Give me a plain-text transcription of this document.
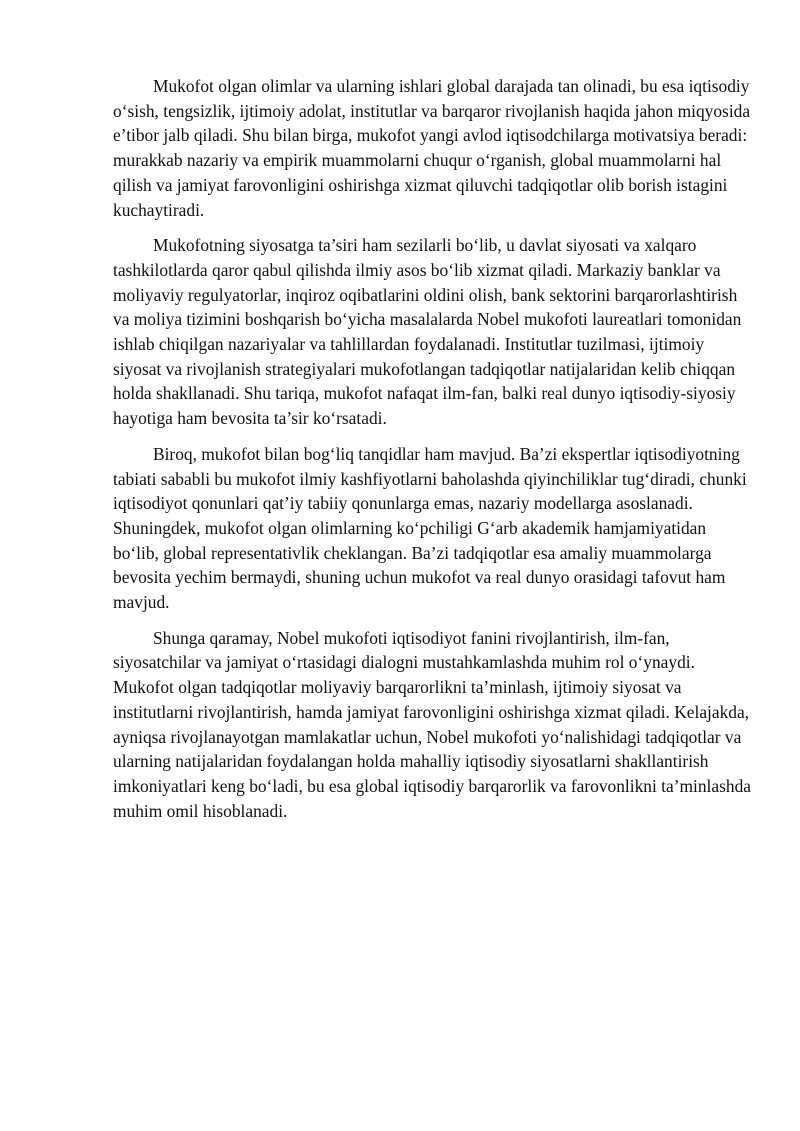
Mukofot olgan olimlar va ularning ishlari global darajada tan olinadi, bu esa iqtisodiy o‘sish, tengsizlik, ijtimoiy adolat, institutlar va barqaror rivojlanish haqida jahon miqyosida e’tibor jalb qiladi. Shu bilan birga, mukofot yangi avlod iqtisodchilarga motivatsiya beradi: murakkab nazariy va empirik muammolarni chuqur o‘rganish, global muammolarni hal qilish va jamiyat farovonligini oshirishga xizmat qiluvchi tadqiqotlar olib borish istagini kuchaytiradi.

Mukofotning siyosatga ta’siri ham sezilarli bo‘lib, u davlat siyosati va xalqaro tashkilotlarda qaror qabul qilishda ilmiy asos bo‘lib xizmat qiladi. Markaziy banklar va moliyaviy regulyatorlar, inqiroz oqibatlarini oldini olish, bank sektorini barqarorlashtirish va moliya tizimini boshqarish bo‘yicha masalalarda Nobel mukofoti laureatlari tomonidan ishlab chiqilgan nazariyalar va tahlillardan foydalanadi. Institutlar tuzilmasi, ijtimoiy siyosat va rivojlanish strategiyalari mukofotlangan tadqiqotlar natijalaridan kelib chiqqan holda shakllanadi. Shu tariqa, mukofot nafaqat ilm-fan, balki real dunyo iqtisodiy-siyosiy hayotiga ham bevosita ta’sir ko‘rsatadi.

Biroq, mukofot bilan bog‘liq tanqidlar ham mavjud. Ba’zi ekspertlar iqtisodiyotning tabiati sababli bu mukofot ilmiy kashfiyotlarni baholashda qiyinchiliklar tug‘diradi, chunki iqtisodiyot qonunlari qat’iy tabiiy qonunlarga emas, nazariy modellarga asoslanadi. Shuningdek, mukofot olgan olimlarning ko‘pchiligi G‘arb akademik hamjamiyatidan bo‘lib, global representativlik cheklangan. Ba’zi tadqiqotlar esa amaliy muammolarga bevosita yechim bermaydi, shuning uchun mukofot va real dunyo orasidagi tafovut ham mavjud.

Shunga qaramay, Nobel mukofoti iqtisodiyot fanini rivojlantirish, ilm-fan, siyosatchilar va jamiyat o‘rtasidagi dialogni mustahkamlashda muhim rol o‘ynaydi. Mukofot olgan tadqiqotlar moliyaviy barqarorlikni ta’minlash, ijtimoiy siyosat va institutlarni rivojlantirish, hamda jamiyat farovonligini oshirishga xizmat qiladi. Kelajakda, ayniqsa rivojlanayotgan mamlakatlar uchun, Nobel mukofoti yo‘nalishidagi tadqiqotlar va ularning natijalaridan foydalangan holda mahalliy iqtisodiy siyosatlarni shakllantirish imkoniyatlari keng bo‘ladi, bu esa global iqtisodiy barqarorlik va farovonlikni ta’minlashda muhim omil hisoblanadi.
